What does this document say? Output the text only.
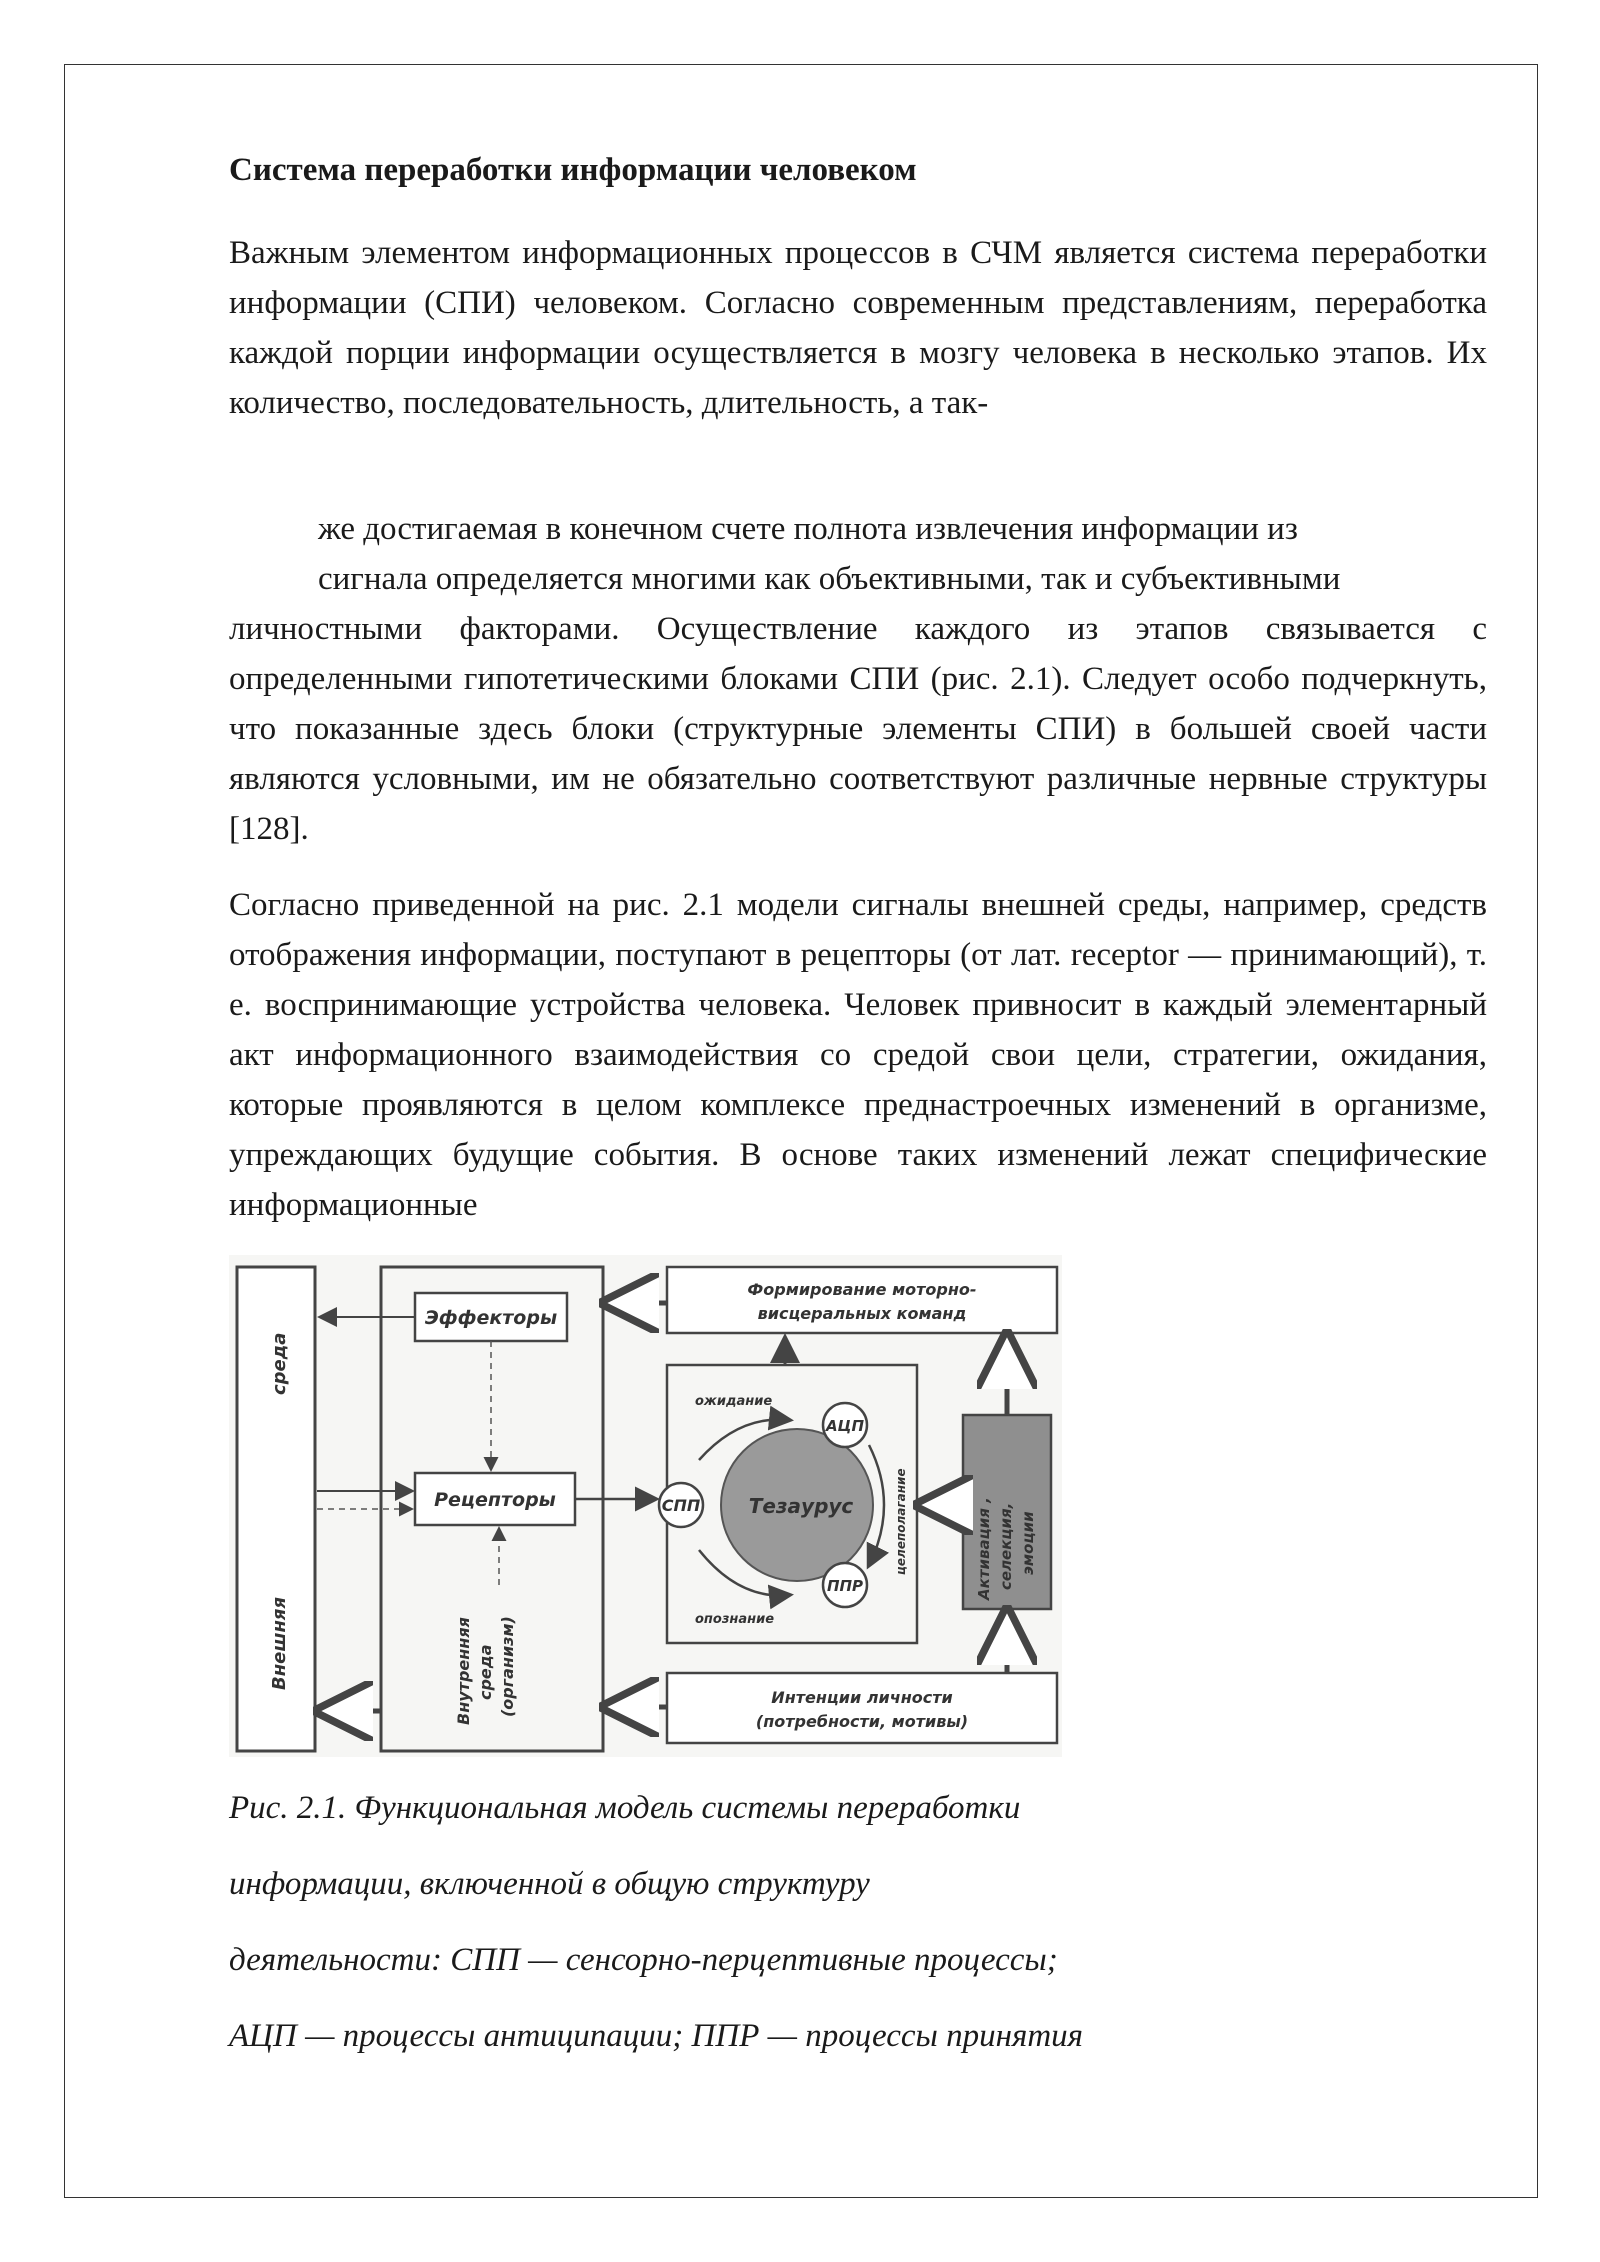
Система переработки информации человеком

Важным элементом информационных процессов в СЧМ является система переработки информации (СПИ) человеком. Согласно современным представлениям, переработка каждой порции информации осуществляется в мозгу человека в несколько этапов. Их количество, последовательность, длительность, а так-

же достигаемая в конечном счете полнота извлечения информации из
сигнала определяется многими как объективными, так и субъективными
личностными факторами. Осуществление каждого из этапов связывается с определенными гипотетическими блоками СПИ (рис. 2.1). Следует особо подчеркнуть, что показанные здесь блоки (структурные элементы СПИ) в большей своей части являются условными, им не обязательно соответствуют различные нервные структуры [128].

Согласно приведенной на рис. 2.1 модели сигналы внешней среды, например, средств отображения информации, поступают в рецепторы (от лат. receptor — принимающий), т. е. воспринимающие устройства человека. Человек привносит в каждый элементарный акт информационного взаимодействия со средой свои цели, стратегии, ожидания, которые проявляются в целом комплексе преднастроечных изменений в организме, упреждающих будущие события. В основе таких изменений лежат специфические информационные

Внешняя
среда
Эффекторы
Рецепторы
Внутренняя среда (организм)
Формирование моторно-
висцеральных команд
Тезаурус
СПП
АЦП
ППР
ожидание
опознание
целеполагание	Активация , селекция, эмоции
Интенции личности
(потребности, мотивы)

Рис. 2.1. Функциональная модель системы переработки

информации, включенной в общую структуру

деятельности: СПП — сенсорно-перцептивные процессы;

АЦП — процессы антиципации; ППР — процессы принятия
